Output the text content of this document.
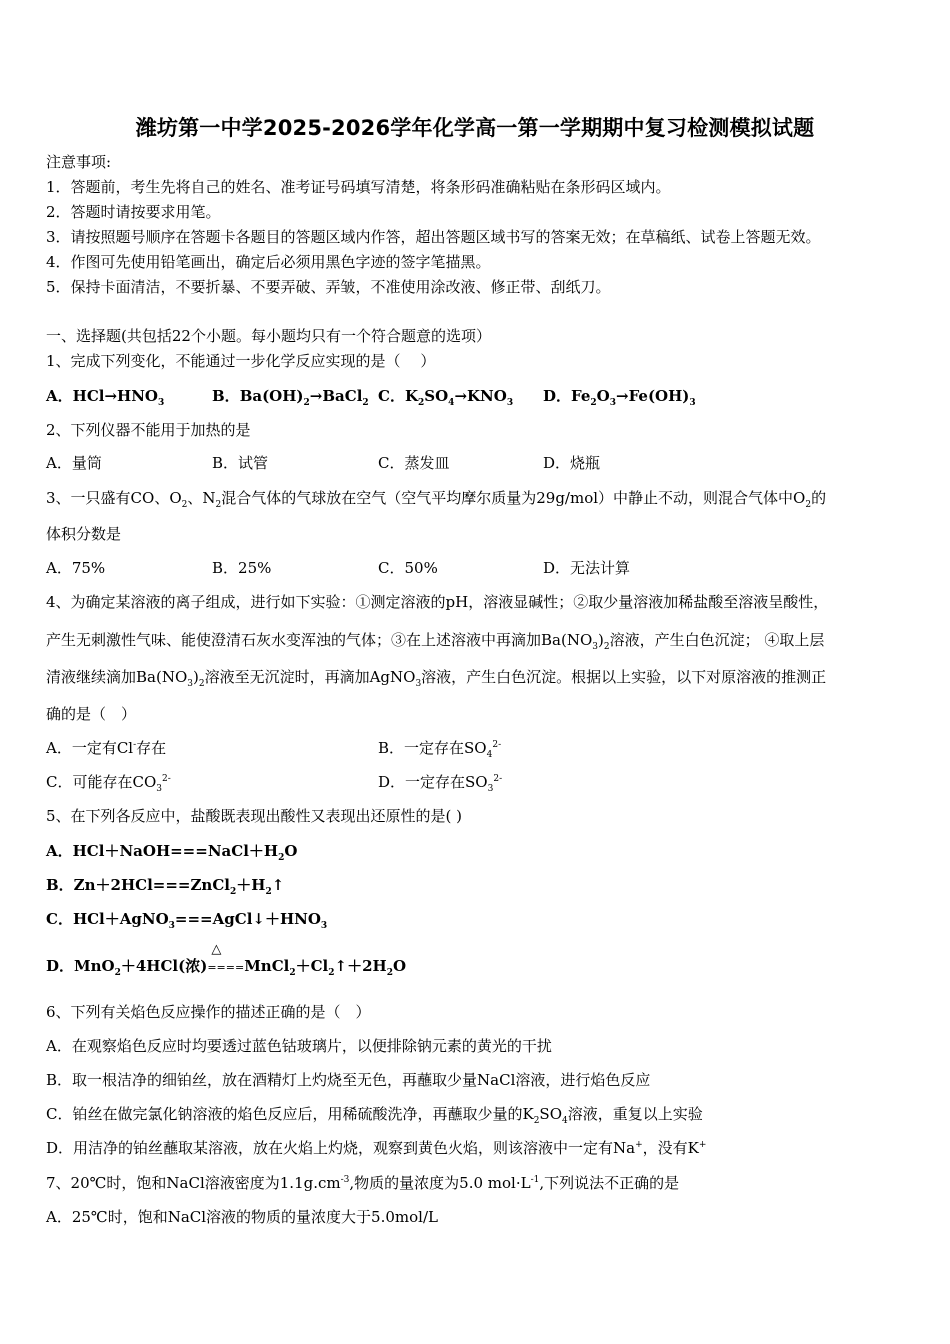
潍坊第一中学2025-2026学年化学高一第一学期期中复习检测模拟试题
注意事项:
1．答题前，考生先将自己的姓名、准考证号码填写清楚，将条形码准确粘贴在条形码区域内。
2．答题时请按要求用笔。
3．请按照题号顺序在答题卡各题目的答题区域内作答，超出答题区域书写的答案无效；在草稿纸、试卷上答题无效。
4．作图可先使用铅笔画出，确定后必须用黑色字迹的签字笔描黑。
5．保持卡面清洁，不要折暴、不要弄破、弄皱，不准使用涂改液、修正带、刮纸刀。
一、选择题(共包括22个小题。每小题均只有一个符合题意的选项）
1、完成下列变化，不能通过一步化学反应实现的是（　 ）
A．$HCl\to HNO_3$	B．$Ba(OH)_2\to BaCl_2$ C．$K_2SO_4\to KNO_3$ D．$Fe_2O_3\to Fe(OH)_3$
2、下列仪器不能用于加热的是
A．量筒	B．试管	C．蒸发皿	D．烧瓶
3、一只盛有CO、$O_2$、$N_2$混合气体的气球放在空气（空气平均摩尔质量为29g/mol）中静止不动，则混合气体中$O_2$的
体积分数是
A．75%	B．25%	C．50%	D．无法计算
4、为确定某溶液的离子组成，进行如下实验：①测定溶液的pH，溶液显碱性；②取少量溶液加稀盐酸至溶液呈酸性，
产生无刺激性气味、能使澄清石灰水变浑浊的气体；③在上述溶液中再滴加$Ba(NO_3)_2$溶液，产生白色沉淀； ④取上层
清液继续滴加$Ba(NO_3)_2$溶液至无沉淀时，再滴加AgNO$_3$溶液，产生白色沉淀。根据以上实验，以下对原溶液的推测正
确的是（　）
A．一定有Cl-存在	B．一定存在$SO_4^{2-}$
C．可能存在$CO_3^{2-}$	D．一定存在$SO_3^{2-}$
5、在下列各反应中，盐酸既表现出酸性又表现出还原性的是( )
A．$HCl+NaOH===NaCl+H_2O$
B．$Zn+2HCl===ZnCl_2+H_2↑$
C．$HCl+AgNO_3===AgCl↓+HNO_3$
D．MnO$_2$＋4HCl(浓)
△
$====MnCl_2+Cl_2↑+2H_2O$
6、下列有关焰色反应操作的描述正确的是（　）
A．在观察焰色反应时均要透过蓝色钴玻璃片，以便排除钠元素的黄光的干扰
B．取一根洁净的细铂丝，放在酒精灯上灼烧至无色，再蘸取少量NaCl溶液，进行焰色反应
C．铂丝在做完氯化钠溶液的焰色反应后，用稀硫酸洗净，再蘸取少量的$K_2SO_4$溶液，重复以上实验
D．用洁净的铂丝蘸取某溶液，放在火焰上灼烧，观察到黄色火焰，则该溶液中一定有Na+，没有K+
7、20℃时，饱和NaCl溶液密度为$1.1g.cm^{-3}$,物质的量浓度为5.0 $mol\cdot L^{-1}$,下列说法不正确的是
A．25℃时，饱和NaCl溶液的物质的量浓度大于5.0mol/L
